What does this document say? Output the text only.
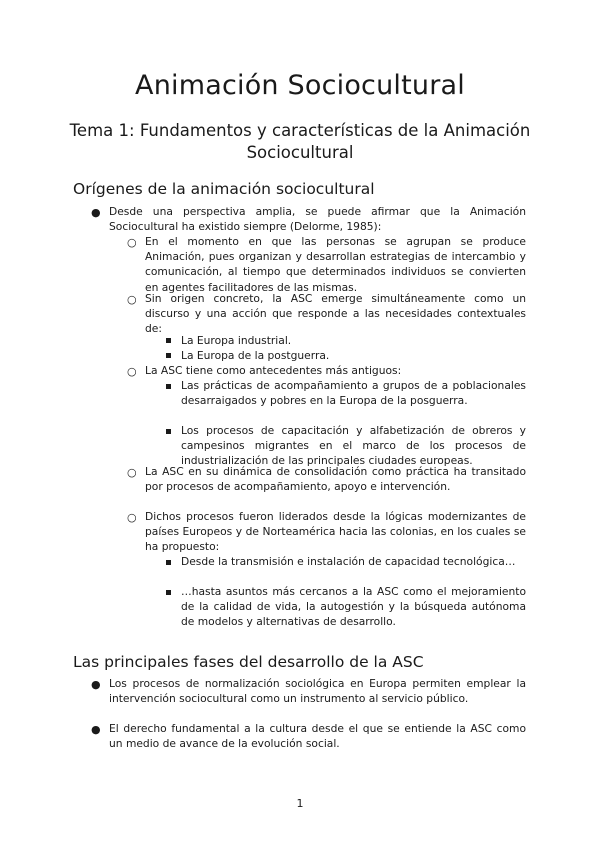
Animación Sociocultural
Tema 1: Fundamentos y características de la Animación Sociocultural
Orígenes de la animación sociocultural
● Desde una perspectiva amplia, se puede afirmar que la Animación Sociocultural ha existido siempre (Delorme, 1985):
○ En el momento en que las personas se agrupan se produce Animación, pues organizan y desarrollan estrategias de intercambio y comunicación, al tiempo que determinados individuos se convierten en agentes facilitadores de las mismas.
○ Sin origen concreto, la ASC emerge simultáneamente como un discurso y una acción que responde a las necesidades contextuales de:
La Europa industrial.
La Europa de la postguerra.
○ La ASC tiene como antecedentes más antiguos:
Las prácticas de acompañamiento a grupos de a poblacionales desarraigados y pobres en la Europa de la posguerra.
Los procesos de capacitación y alfabetización de obreros y campesinos migrantes en el marco de los procesos de industrialización de las principales ciudades europeas.
○ La ASC en su dinámica de consolidación como práctica ha transitado por procesos de acompañamiento, apoyo e intervención.
○ Dichos procesos fueron liderados desde la lógicas modernizantes de países Europeos y de Norteamérica hacia las colonias, en los cuales se ha propuesto:
Desde la transmisión e instalación de capacidad tecnológica…
…hasta asuntos más cercanos a la ASC como el mejoramiento de la calidad de vida, la autogestión y la búsqueda autónoma de modelos y alternativas de desarrollo.
Las principales fases del desarrollo de la ASC
● Los procesos de normalización sociológica en Europa permiten emplear la intervención sociocultural como un instrumento al servicio público.
● El derecho fundamental a la cultura desde el que se entiende la ASC como un medio de avance de la evolución social.
1
